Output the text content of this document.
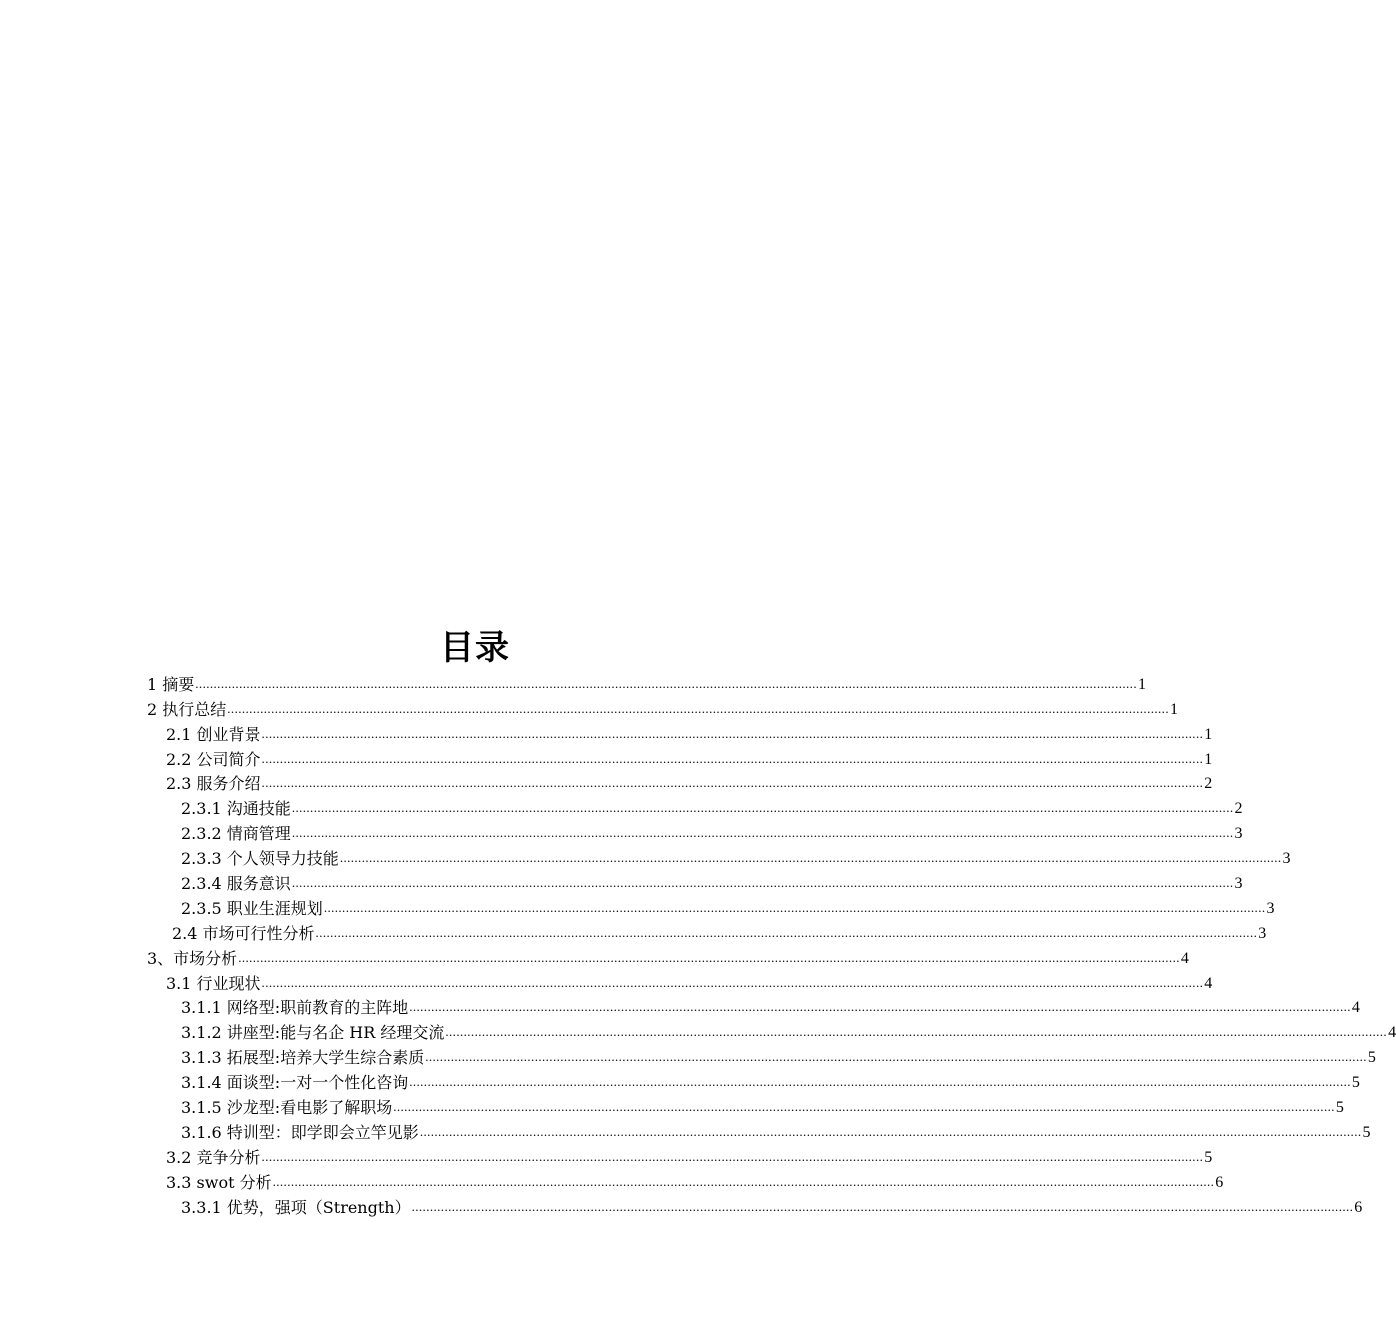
目录
1 摘要 .................................................................................................................................................................................................................................................................. 1
2 执行总结 .................................................................................................................................................................................................................................................................. 1
2.1 创业背景 .................................................................................................................................................................................................................................................................. 1
2.2 公司简介 .................................................................................................................................................................................................................................................................. 1
2.3 服务介绍 .................................................................................................................................................................................................................................................................. 2
2.3.1 沟通技能 .................................................................................................................................................................................................................................................................. 2
2.3.2 情商管理 .................................................................................................................................................................................................................................................................. 3
2.3.3 个人领导力技能 .................................................................................................................................................................................................................................................................. 3
2.3.4 服务意识 .................................................................................................................................................................................................................................................................. 3
2.3.5 职业生涯规划 .................................................................................................................................................................................................................................................................. 3
2.4 市场可行性分析 .................................................................................................................................................................................................................................................................. 3
3、市场分析 .................................................................................................................................................................................................................................................................. 4
3.1 行业现状 .................................................................................................................................................................................................................................................................. 4
3.1.1 网络型:职前教育的主阵地 .................................................................................................................................................................................................................................................................. 4
3.1.2 讲座型:能与名企 HR 经理交流 .................................................................................................................................................................................................................................................................. 4
3.1.3 拓展型:培养大学生综合素质 .................................................................................................................................................................................................................................................................. 5
3.1.4 面谈型:一对一个性化咨询 .................................................................................................................................................................................................................................................................. 5
3.1.5 沙龙型:看电影了解职场 .................................................................................................................................................................................................................................................................. 5
3.1.6 特训型：即学即会立竿见影 .................................................................................................................................................................................................................................................................. 5
3.2 竞争分析 .................................................................................................................................................................................................................................................................. 5
3.3 swot 分析 .................................................................................................................................................................................................................................................................. 6
3.3.1 优势，强项（Strength） .................................................................................................................................................................................................................................................................. 6
